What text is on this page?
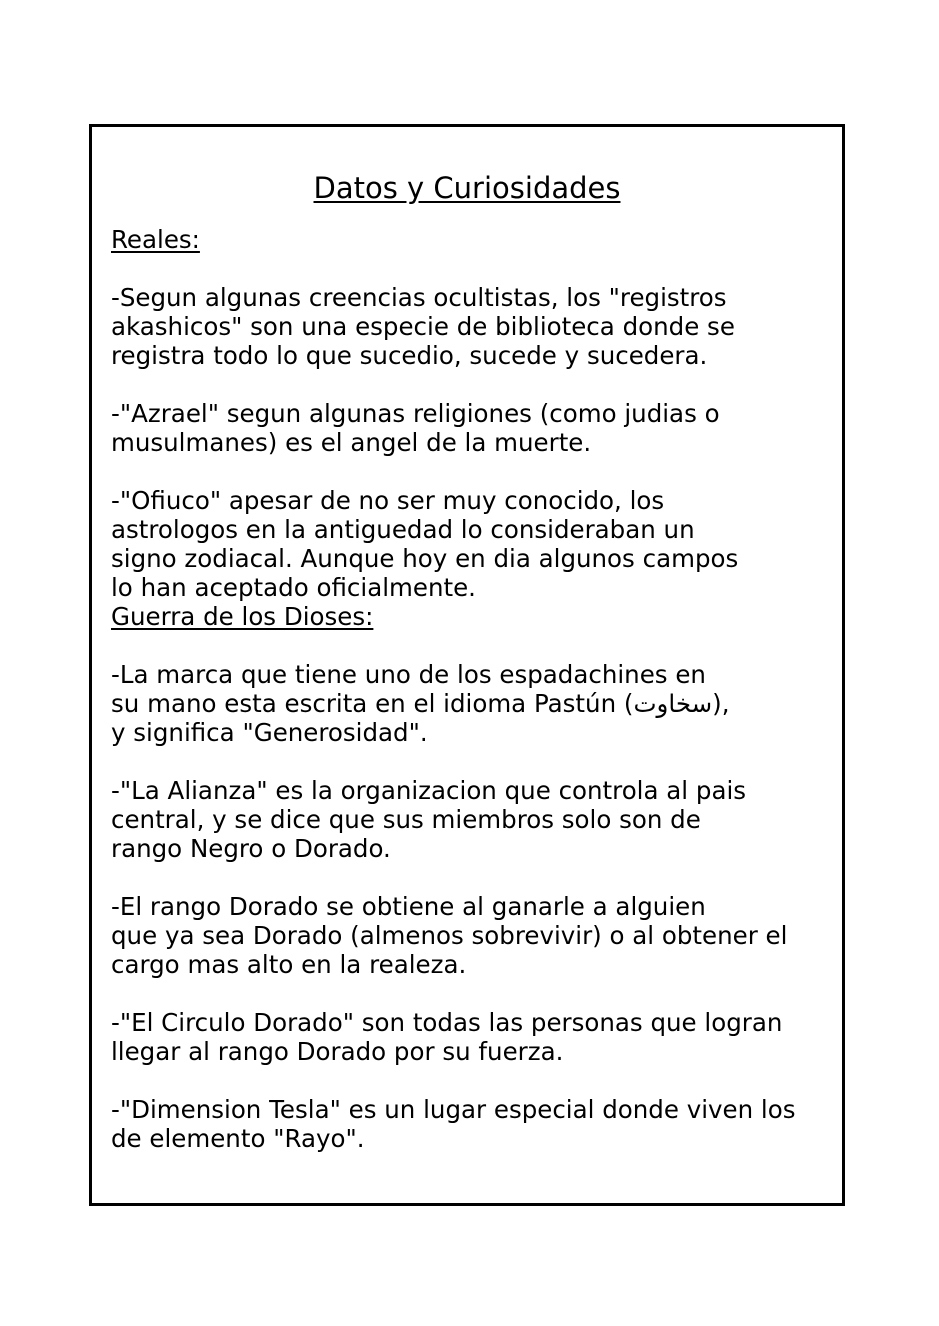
Datos y Curiosidades
Reales:

-Segun algunas creencias ocultistas, los "registros
akashicos" son una especie de biblioteca donde se
registra todo lo que sucedio, sucede y sucedera.

-"Azrael" segun algunas religiones (como judias o
musulmanes) es el angel de la muerte.

-"Ofiuco" apesar de no ser muy conocido, los
astrologos en la antiguedad lo consideraban un
signo zodiacal. Aunque hoy en dia algunos campos
lo han aceptado oficialmente.

Guerra de los Dioses:

-La marca que tiene uno de los espadachines en
su mano esta escrita en el idioma Pastún (سخاوت),
y significa "Generosidad".

-"La Alianza" es la organizacion que controla al pais
central, y se dice que sus miembros solo son de
rango Negro o Dorado.

-El rango Dorado se obtiene al ganarle a alguien
que ya sea Dorado (almenos sobrevivir) o al obtener el
cargo mas alto en la realeza.

-"El Circulo Dorado" son todas las personas que logran
llegar al rango Dorado por su fuerza.

-"Dimension Tesla" es un lugar especial donde viven los
de elemento "Rayo".
